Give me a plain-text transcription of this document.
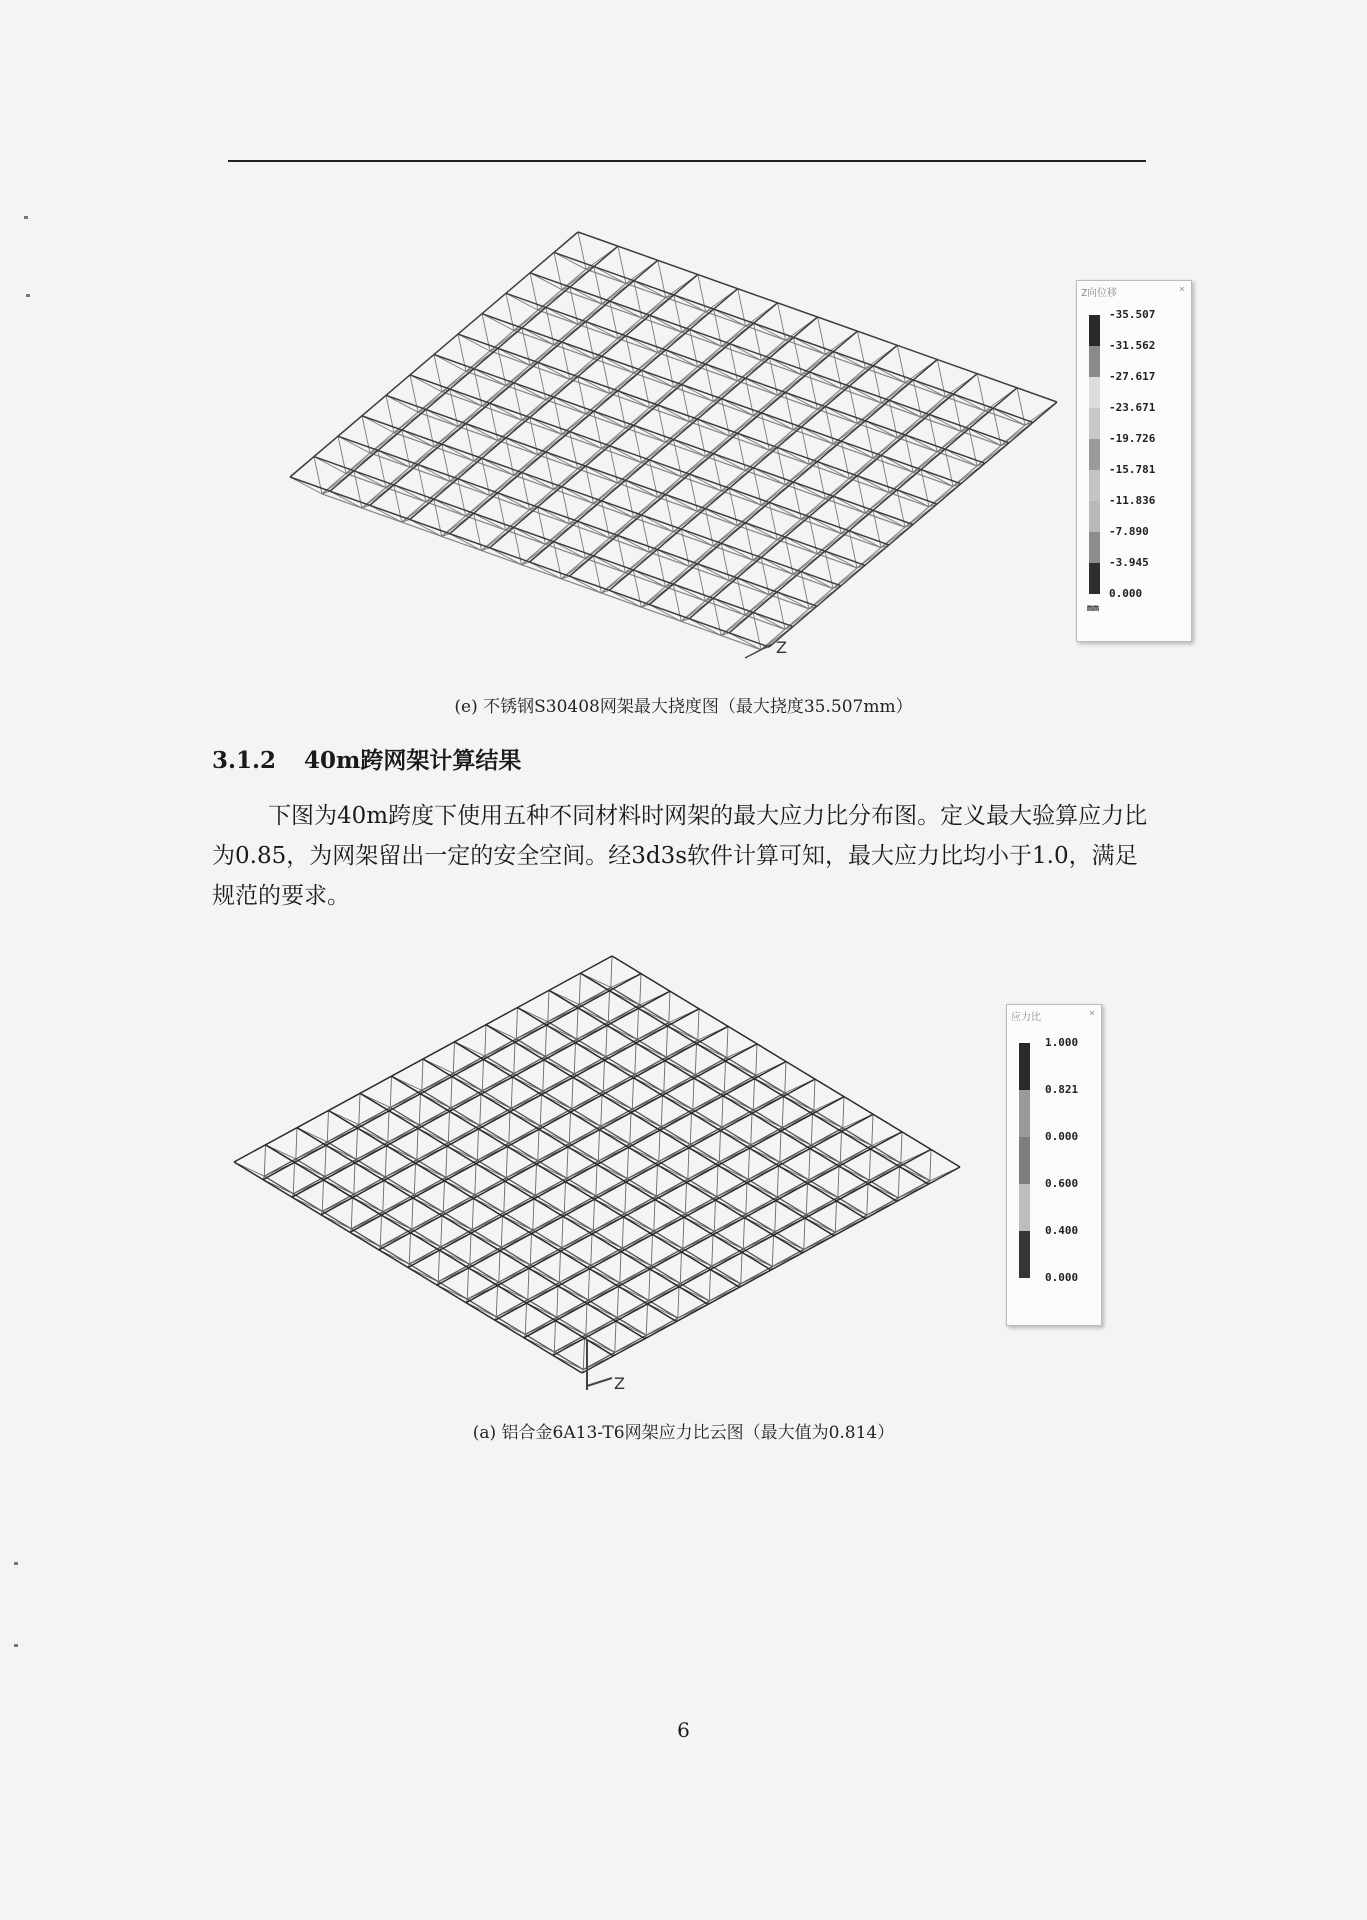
Z
Z向位移	×
mm
-35.507
-31.562
-27.617
-23.671
-19.726
-15.781
-11.836
-7.890
-3.945
0.000
(e) 不锈钢S30408网架最大挠度图（最大挠度35.507mm）
3.1.2 40m跨网架计算结果
下图为40m跨度下使用五种不同材料时网架的最大应力比分布图。定义最大验算应力比为0.85，为网架留出一定的安全空间。经3d3s软件计算可知，最大应力比均小于1.0，满足规范的要求。
Z
应力比	×
1.000
0.821
0.000
0.600
0.400
0.000
(a) 铝合金6A13-T6网架应力比云图（最大值为0.814）
6
